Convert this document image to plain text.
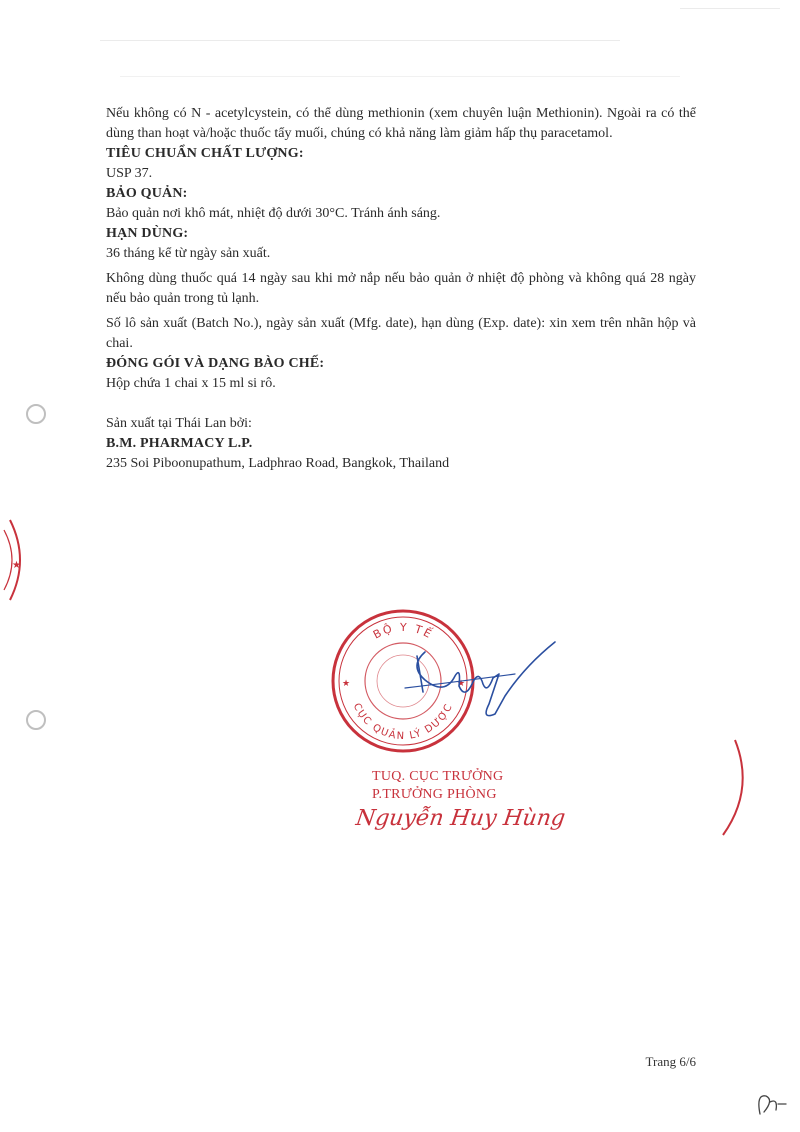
Nếu không có N - acetylcystein, có thể dùng methionin (xem chuyên luận Methionin). Ngoài ra có thể dùng than hoạt và/hoặc thuốc tẩy muối, chúng có khả năng làm giảm hấp thụ paracetamol.

TIÊU CHUẨN CHẤT LƯỢNG:

USP 37.

BẢO QUẢN:

Bảo quản nơi khô mát, nhiệt độ dưới 30°C. Tránh ánh sáng.

HẠN DÙNG:

36 tháng kể từ ngày sản xuất.

Không dùng thuốc quá 14 ngày sau khi mở nắp nếu bảo quản ở nhiệt độ phòng và không quá 28 ngày nếu bảo quản trong tủ lạnh.

Số lô sản xuất (Batch No.), ngày sản xuất (Mfg. date), hạn dùng (Exp. date): xin xem trên nhãn hộp và chai.

ĐÓNG GÓI VÀ DẠNG BÀO CHẾ:

Hộp chứa 1 chai x 15 ml si rô.

Sản xuất tại Thái Lan bởi:

B.M. PHARMACY L.P.

235 Soi Piboonupathum, Ladphrao Road, Bangkok, Thailand

★
BỘ Y TẾ
CỤC QUẢN LÝ DƯỢC
★	★
TUQ. CỤC TRƯỞNG
P.TRƯỞNG PHÒNG
Nguyễn Huy Hùng
Trang 6/6
